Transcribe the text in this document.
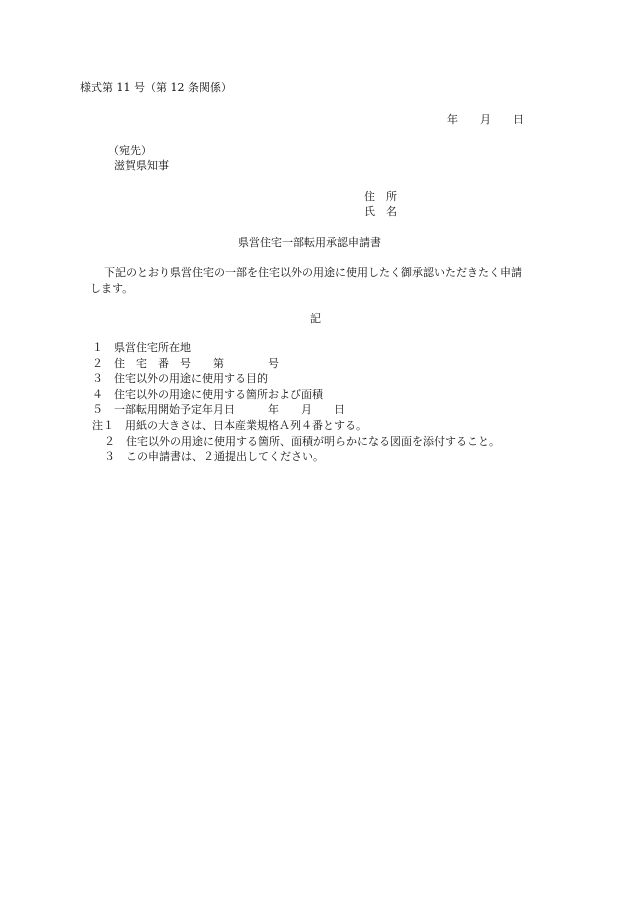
様式第 11 号（第 12 条関係）
年　　月　　日
（宛先）
滋賀県知事
住　所
氏　名
県営住宅一部転用承認申請書
下記のとおり県営住宅の一部を住宅以外の用途に使用したく御承認いただきたく申請
します。
記
１　県営住宅所在地
２　住　宅　番　号　　第　　　　号
３　住宅以外の用途に使用する目的
４　住宅以外の用途に使用する箇所および面積
５　一部転用開始予定年月日　　　年　　月　　日
注１　用紙の大きさは、日本産業規格Ａ列４番とする。
２　住宅以外の用途に使用する箇所、面積が明らかになる図面を添付すること。
３　この申請書は、２通提出してください。
